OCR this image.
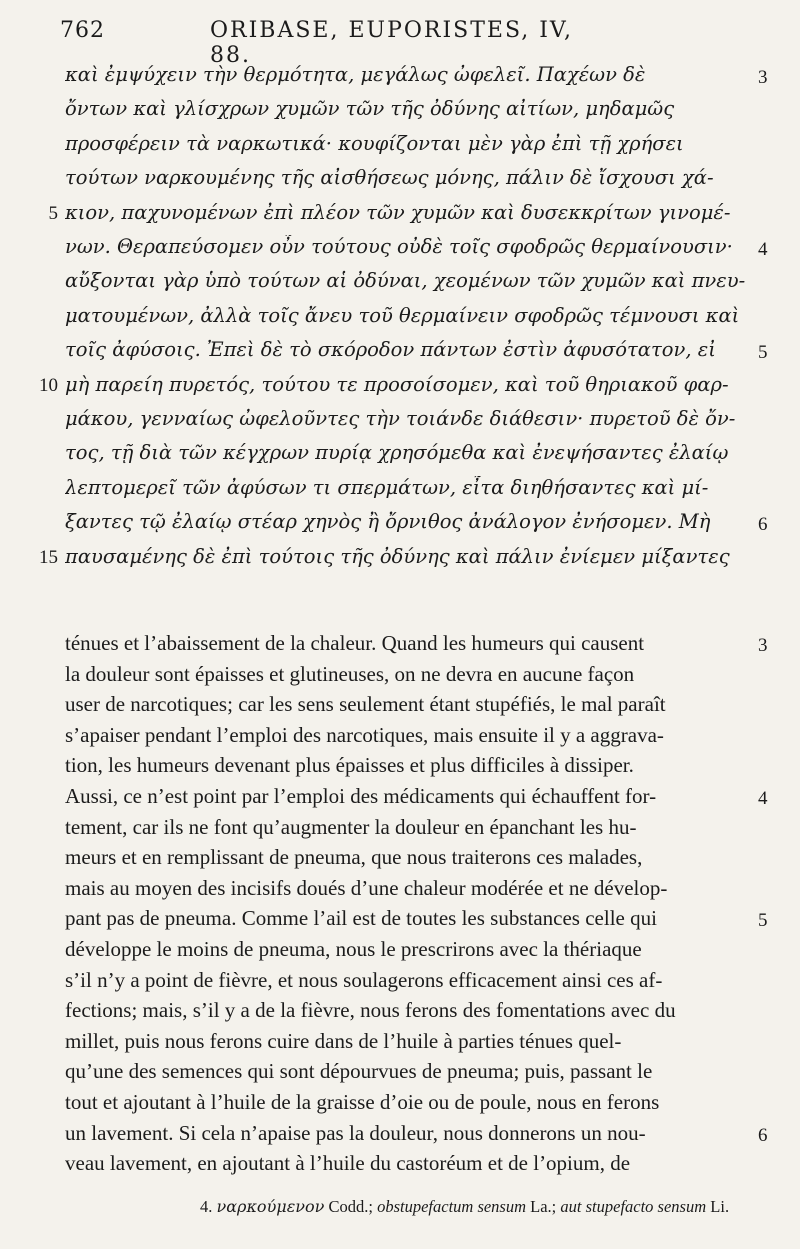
762	ORIBASE, EUPORISTES, IV, 88.
καὶ ἐμψύχειν τὴν θερμότητα, μεγάλως ὠφελεῖ. Παχέων δὲ	3
ὄντων καὶ γλίσχρων χυμῶν τῶν τῆς ὀδύνης αἰτίων, μηδαμῶς
προσφέρειν τὰ ναρκωτικά· κουφίζονται μὲν γὰρ ἐπὶ τῇ χρήσει
τούτων ναρκουμένης τῆς αἰσθήσεως μόνης, πάλιν δὲ ἴσχουσι χά-
κιον, παχυνομένων ἐπὶ πλέον τῶν χυμῶν καὶ δυσεκκρίτων γινομέ-
5
νων. Θεραπεύσομεν οὖν τούτους οὐδὲ τοῖς σφοδρῶς θερμαίνουσιν·	4
αὔξονται γὰρ ὑπὸ τούτων αἱ ὀδύναι, χεομένων τῶν χυμῶν καὶ πνευ-
ματουμένων, ἀλλὰ τοῖς ἄνευ τοῦ θερμαίνειν σφοδρῶς τέμνουσι καὶ
τοῖς ἀφύσοις. Ἐπεὶ δὲ τὸ σκόροδον πάντων ἐστὶν ἀφυσότατον, εἰ	5
μὴ παρείη πυρετός, τούτου τε προσοίσομεν, καὶ τοῦ θηριακοῦ φαρ-
10
μάκου, γενναίως ὠφελοῦντες τὴν τοιάνδε διάθεσιν· πυρετοῦ δὲ ὄν-
τος, τῇ διὰ τῶν κέγχρων πυρίᾳ χρησόμεθα καὶ ἐνεψήσαντες ἐλαίῳ
λεπτομερεῖ τῶν ἀφύσων τι σπερμάτων, εἶτα διηθήσαντες καὶ μί-
ξαντες τῷ ἐλαίῳ στέαρ χηνὸς ἢ ὄρνιθος ἀνάλογον ἐνήσομεν. Μὴ	6
παυσαμένης δὲ ἐπὶ τούτοις τῆς ὀδύνης καὶ πάλιν ἐνίεμεν μίξαντες
15
ténues et l’abaissement de la chaleur. Quand les humeurs qui causent	3
la douleur sont épaisses et glutineuses, on ne devra en aucune façon
user de narcotiques; car les sens seulement étant stupéfiés, le mal paraît
s’apaiser pendant l’emploi des narcotiques, mais ensuite il y a aggrava-
tion, les humeurs devenant plus épaisses et plus difficiles à dissiper.
Aussi, ce n’est point par l’emploi des médicaments qui échauffent for-	4
tement, car ils ne font qu’augmenter la douleur en épanchant les hu-
meurs et en remplissant de pneuma, que nous traiterons ces malades,
mais au moyen des incisifs doués d’une chaleur modérée et ne dévelop-
pant pas de pneuma. Comme l’ail est de toutes les substances celle qui	5
développe le moins de pneuma, nous le prescrirons avec la thériaque
s’il n’y a point de fièvre, et nous soulagerons efficacement ainsi ces af-
fections; mais, s’il y a de la fièvre, nous ferons des fomentations avec du
millet, puis nous ferons cuire dans de l’huile à parties ténues quel-
qu’une des semences qui sont dépourvues de pneuma; puis, passant le
tout et ajoutant à l’huile de la graisse d’oie ou de poule, nous en ferons
un lavement. Si cela n’apaise pas la douleur, nous donnerons un nou-	6
veau lavement, en ajoutant à l’huile du castoréum et de l’opium, de
4. ναρκούμενον Codd.; obstupefactum sensum La.; aut stupefacto sensum Li.
